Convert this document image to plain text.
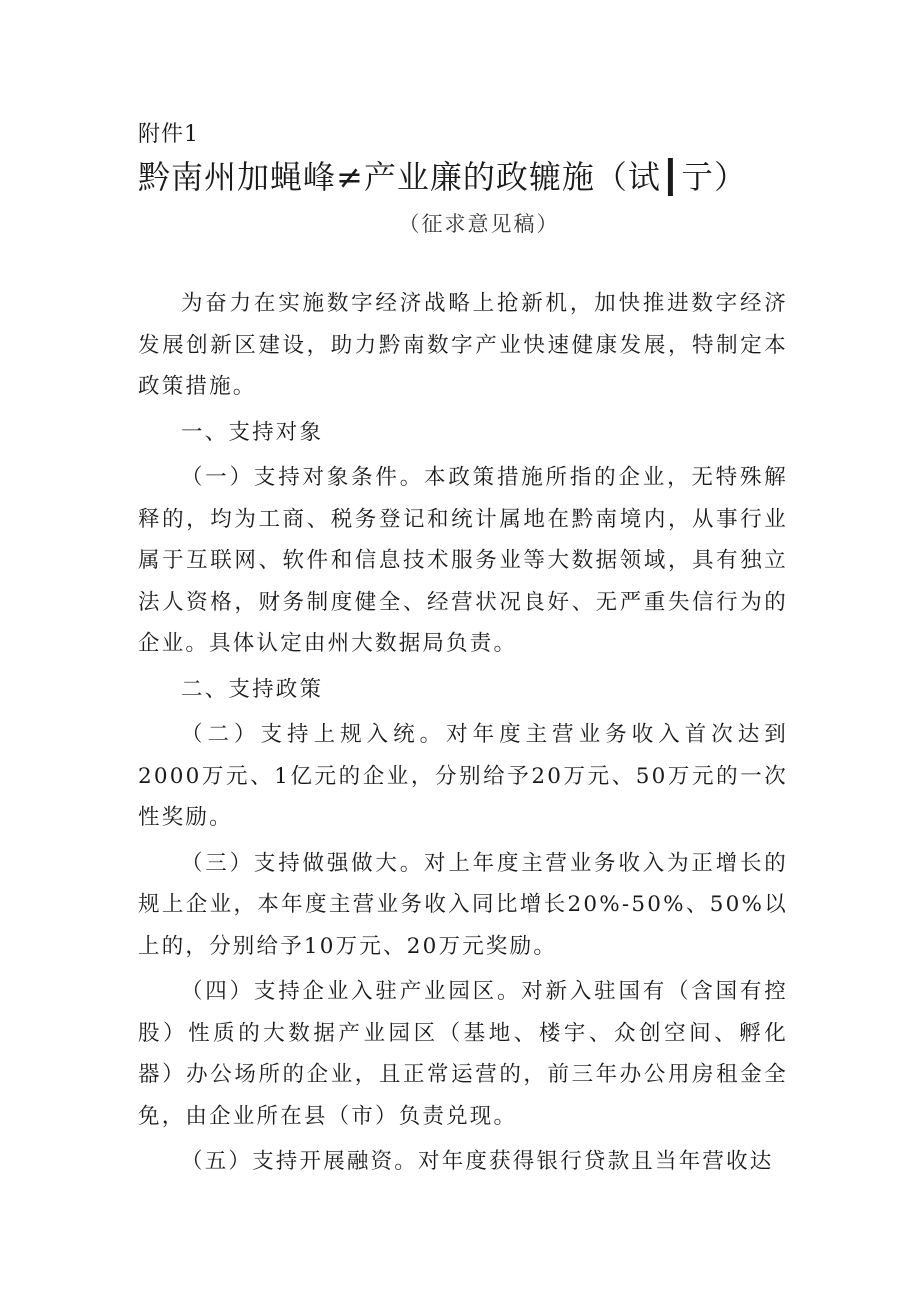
附件1
黔南州加蝇峰≠产业廉的政辘施（试┃亍）
（征求意见稿）

为奋力在实施数字经济战略上抢新机，加快推进数字经济发展创新区建设，助力黔南数字产业快速健康发展，特制定本政策措施。

一、支持对象

（一）支持对象条件。本政策措施所指的企业，无特殊解释的，均为工商、税务登记和统计属地在黔南境内，从事行业属于互联网、软件和信息技术服务业等大数据领域，具有独立法人资格，财务制度健全、经营状况良好、无严重失信行为的企业。具体认定由州大数据局负责。

二、支持政策

（二）支持上规入统。对年度主营业务收入首次达到2000万元、1亿元的企业，分别给予20万元、50万元的一次性奖励。

（三）支持做强做大。对上年度主营业务收入为正增长的规上企业，本年度主营业务收入同比增长20%-50%、50%以上的，分别给予10万元、20万元奖励。

（四）支持企业入驻产业园区。对新入驻国有（含国有控股）性质的大数据产业园区（基地、楼宇、众创空间、孵化器）办公场所的企业，且正常运营的，前三年办公用房租金全免，由企业所在县（市）负责兑现。

（五）支持开展融资。对年度获得银行贷款且当年营收达
